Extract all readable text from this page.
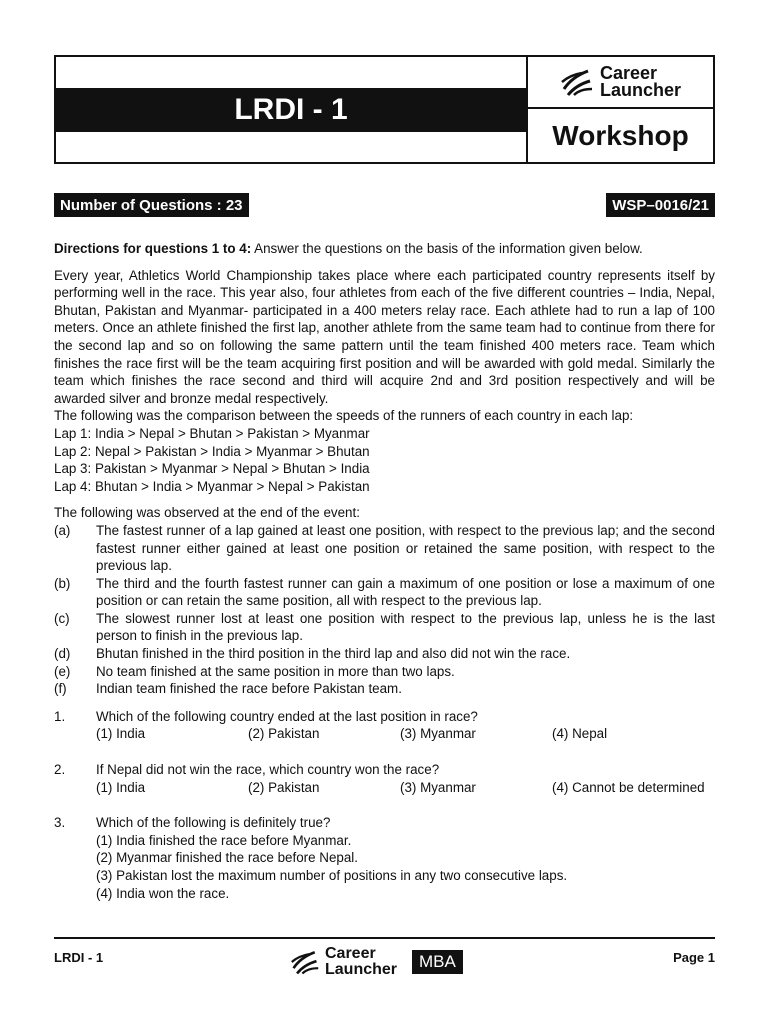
LRDI - 1
Career
Launcher
Workshop
Number of Questions : 23	WSP–0016/21

Directions for questions 1 to 4: Answer the questions on the basis of the information given below.

Every year, Athletics World Championship takes place where each participated country represents itself by performing well in the race. This year also, four athletes from each of the five different countries – India, Nepal, Bhutan, Pakistan and Myanmar- participated in a 400 meters relay race. Each athlete had to run a lap of 100 meters. Once an athlete finished the first lap, another athlete from the same team had to continue from there for the second lap and so on following the same pattern until the team finished 400 meters race. Team which finishes the race first will be the team acquiring first position and will be awarded with gold medal. Similarly the team which finishes the race second and third will acquire 2nd and 3rd position respectively and will be awarded silver and bronze medal respectively.

The following was the comparison between the speeds of the runners of each country in each lap:

Lap 1: India > Nepal > Bhutan > Pakistan > Myanmar
Lap 2: Nepal > Pakistan > India > Myanmar > Bhutan
Lap 3: Pakistan > Myanmar > Nepal > Bhutan > India
Lap 4: Bhutan > India > Myanmar > Nepal > Pakistan

The following was observed at the end of the event:

(a)	The fastest runner of a lap gained at least one position, with respect to the previous lap; and the second fastest runner either gained at least one position or retained the same position, with respect to the previous lap.
(b)	The third and the fourth fastest runner can gain a maximum of one position or lose a maximum of one position or can retain the same position, all with respect to the previous lap.
(c)	The slowest runner lost at least one position with respect to the previous lap, unless he is the last person to finish in the previous lap.
(d)	Bhutan finished in the third position in the third lap and also did not win the race.
(e)	No team finished at the same position in more than two laps.
(f)	Indian team finished the race before Pakistan team.
1.	Which of the following country ended at the last position in race?
(1) India	(2) Pakistan	(3) Myanmar	(4) Nepal
2.	If Nepal did not win the race, which country won the race?
(1) India	(2) Pakistan	(3) Myanmar	(4) Cannot be determined
3.	Which of the following is definitely true?
(1) India finished the race before Myanmar.
(2) Myanmar finished the race before Nepal.
(3) Pakistan lost the maximum number of positions in any two consecutive laps.
(4) India won the race.
LRDI - 1	Career
Launcher	MBA	Page 1
